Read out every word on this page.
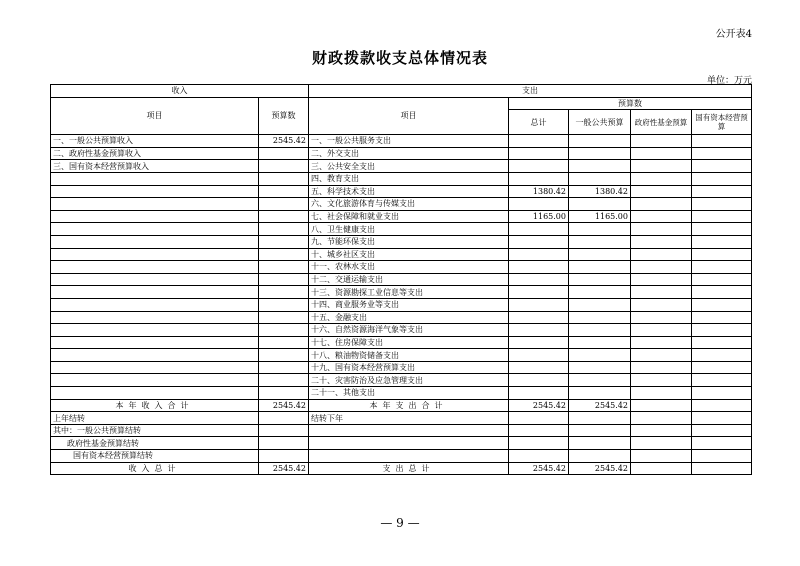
公开表4
财政拨款收支总体情况表
单位：万元
收入		支出				
项目	预算数	项目	预算数			
			总计	一般公共预算	政府性基金预算	国有资本经营预算
一、一般公共预算收入	2545.42	一、一般公共服务支出				
二、政府性基金预算收入		二、外交支出				
三、国有资本经营预算收入		三、公共安全支出				
		四、教育支出				
		五、科学技术支出	1380.42	1380.42		
		六、文化旅游体育与传媒支出				
		七、社会保障和就业支出	1165.00	1165.00		
		八、卫生健康支出				
		九、节能环保支出				
		十、城乡社区支出				
		十一、农林水支出				
		十二、交通运输支出				
		十三、资源勘探工业信息等支出				
		十四、商业服务业等支出				
		十五、金融支出				
		十六、自然资源海洋气象等支出				
		十七、住房保障支出				
		十八、粮油物资储备支出				
		十九、国有资本经营预算支出				
		二十、灾害防治及应急管理支出				
		二十一、其他支出				
本年收入合计	2545.42	本年支出合计	2545.42	2545.42		
上年结转		结转下年				
其中：一般公共预算结转						
政府性基金预算结转						
国有资本经营预算结转						
收入总计	2545.42	支出总计	2545.42	2545.42		
— 9 —
